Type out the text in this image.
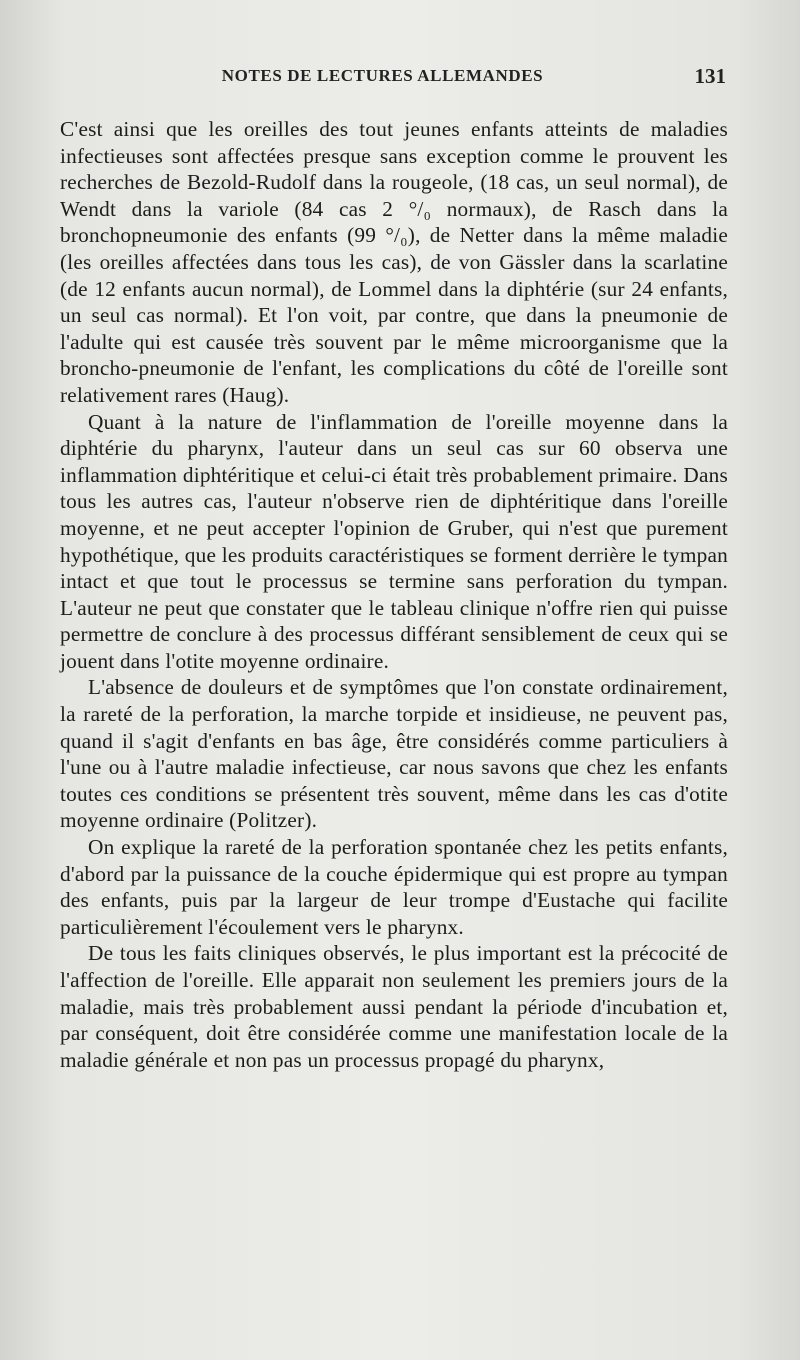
NOTES DE LECTURES ALLEMANDES	131

C'est ainsi que les oreilles des tout jeunes enfants atteints de maladies infectieuses sont affectées presque sans exception comme le prouvent les recherches de Bezold-Rudolf dans la rougeole, (18 cas, un seul normal), de Wendt dans la variole (84 cas 2 °/₀ normaux), de Rasch dans la bronchopneumonie des enfants (99 °/₀), de Netter dans la même maladie (les oreilles affectées dans tous les cas), de von Gässler dans la scarlatine (de 12 enfants aucun normal), de Lommel dans la diphtérie (sur 24 enfants, un seul cas normal). Et l'on voit, par contre, que dans la pneumonie de l'adulte qui est causée très souvent par le même microorganisme que la broncho-pneumonie de l'enfant, les complications du côté de l'oreille sont relativement rares (Haug).

Quant à la nature de l'inflammation de l'oreille moyenne dans la diphtérie du pharynx, l'auteur dans un seul cas sur 60 observa une inflammation diphtéritique et celui-ci était très probablement primaire. Dans tous les autres cas, l'auteur n'observe rien de diphtéritique dans l'oreille moyenne, et ne peut accepter l'opinion de Gruber, qui n'est que purement hypothétique, que les produits caractéristiques se forment derrière le tympan intact et que tout le processus se termine sans perforation du tympan. L'auteur ne peut que constater que le tableau clinique n'offre rien qui puisse permettre de conclure à des processus différant sensiblement de ceux qui se jouent dans l'otite moyenne ordinaire.

L'absence de douleurs et de symptômes que l'on constate ordinairement, la rareté de la perforation, la marche torpide et insidieuse, ne peuvent pas, quand il s'agit d'enfants en bas âge, être considérés comme particuliers à l'une ou à l'autre maladie infectieuse, car nous savons que chez les enfants toutes ces conditions se présentent très souvent, même dans les cas d'otite moyenne ordinaire (Politzer).

On explique la rareté de la perforation spontanée chez les petits enfants, d'abord par la puissance de la couche épidermique qui est propre au tympan des enfants, puis par la largeur de leur trompe d'Eustache qui facilite particulièrement l'écoulement vers le pharynx.

De tous les faits cliniques observés, le plus important est la précocité de l'affection de l'oreille. Elle apparait non seulement les premiers jours de la maladie, mais très probablement aussi pendant la période d'incubation et, par conséquent, doit être considérée comme une manifestation locale de la maladie générale et non pas un processus propagé du pharynx,
